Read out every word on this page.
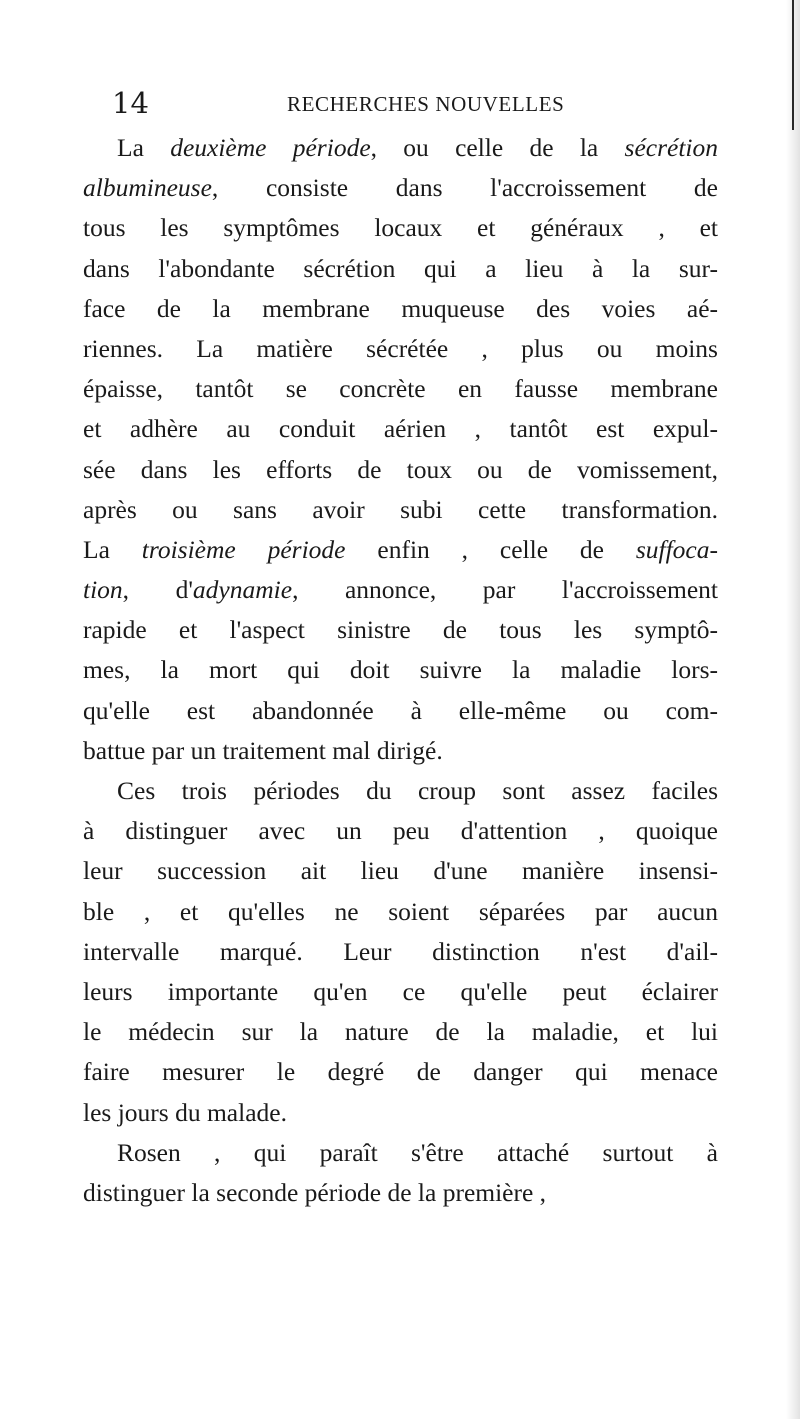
14	RECHERCHES NOUVELLES
La deuxième période, ou celle de la sécrétion
albumineuse, consiste dans l'accroissement de
tous les symptômes locaux et généraux , et
dans l'abondante sécrétion qui a lieu à la sur-
face de la membrane muqueuse des voies aé-
riennes. La matière sécrétée , plus ou moins
épaisse, tantôt se concrète en fausse membrane
et adhère au conduit aérien , tantôt est expul-
sée dans les efforts de toux ou de vomissement,
après ou sans avoir subi cette transformation.
La troisième période enfin , celle de suffoca-
tion, d'adynamie, annonce, par l'accroissement
rapide et l'aspect sinistre de tous les symptô-
mes, la mort qui doit suivre la maladie lors-
qu'elle est abandonnée à elle-même ou com-
battue par un traitement mal dirigé.
Ces trois périodes du croup sont assez faciles
à distinguer avec un peu d'attention , quoique
leur succession ait lieu d'une manière insensi-
ble , et qu'elles ne soient séparées par aucun
intervalle marqué. Leur distinction n'est d'ail-
leurs importante qu'en ce qu'elle peut éclairer
le médecin sur la nature de la maladie, et lui
faire mesurer le degré de danger qui menace
les jours du malade.
Rosen , qui paraît s'être attaché surtout à
distinguer la seconde période de la première ,
